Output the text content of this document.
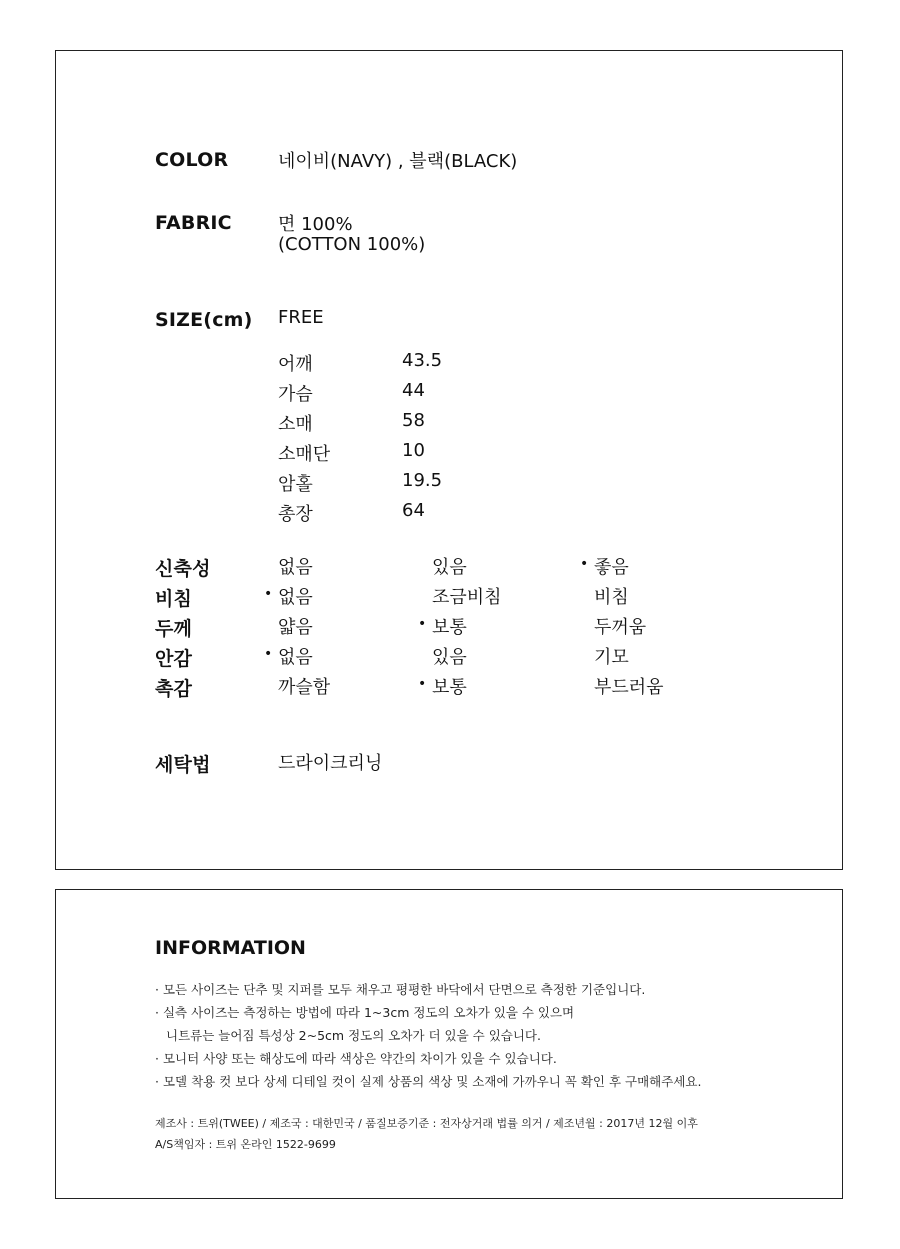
COLOR	네이비(NAVY) , 블랙(BLACK)
FABRIC	면 100%
(COTTON 100%)
SIZE(cm) FREE
어깨	43.5
가슴	44
소매	58
소매단	10
암홀	19.5
총장	64
신축성	없음	있음	• 좋음
비침	• 없음	조금비침	비침
두께	얇음	• 보통	두꺼움
안감	• 없음	있음	기모
촉감	까슬함	• 보통	부드러움
세탁법	드라이크리닝
INFORMATION
· 모든 사이즈는 단추 및 지퍼를 모두 채우고 평평한 바닥에서 단면으로 측정한 기준입니다.
· 실측 사이즈는 측정하는 방법에 따라 1~3cm 정도의 오차가 있을 수 있으며
니트류는 늘어짐 특성상 2~5cm 정도의 오차가 더 있을 수 있습니다.
· 모니터 사양 또는 해상도에 따라 색상은 약간의 차이가 있을 수 있습니다.
· 모델 착용 컷 보다 상세 디테일 컷이 실제 상품의 색상 및 소재에 가까우니 꼭 확인 후 구매해주세요.
제조사 : 트위(TWEE) / 제조국 : 대한민국 / 품질보증기준 : 전자상거래 법률 의거 / 제조년월 : 2017년 12월 이후
A/S책임자 : 트위 온라인 1522-9699
